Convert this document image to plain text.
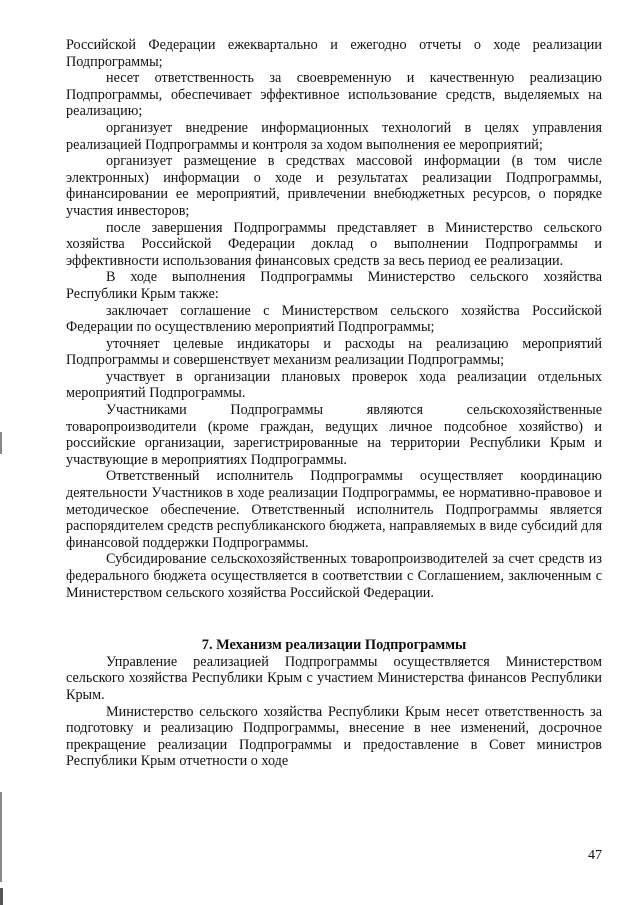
Российской Федерации ежеквартально и ежегодно отчеты о ходе реализации Подпрограммы;

несет ответственность за своевременную и качественную реализацию Подпрограммы, обеспечивает эффективное использование средств, выделяемых на реализацию;

организует внедрение информационных технологий в целях управления реализацией Подпрограммы и контроля за ходом выполнения ее мероприятий;

организует размещение в средствах массовой информации (в том числе электронных) информации о ходе и результатах реализации Подпрограммы, финансировании ее мероприятий, привлечении внебюджетных ресурсов, о порядке участия инвесторов;

после завершения Подпрограммы представляет в Министерство сельского хозяйства Российской Федерации доклад о выполнении Подпрограммы и эффективности использования финансовых средств за весь период ее реализации.

В ходе выполнения Подпрограммы Министерство сельского хозяйства Республики Крым также:

заключает соглашение с Министерством сельского хозяйства Российской Федерации по осуществлению мероприятий Подпрограммы;

уточняет целевые индикаторы и расходы на реализацию мероприятий Подпрограммы и совершенствует механизм реализации Подпрограммы;

участвует в организации плановых проверок хода реализации отдельных мероприятий Подпрограммы.

Участниками Подпрограммы являются сельскохозяйственные товаропроизводители (кроме граждан, ведущих личное подсобное хозяйство) и российские организации, зарегистрированные на территории Республики Крым и участвующие в мероприятиях Подпрограммы.

Ответственный исполнитель Подпрограммы осуществляет координацию деятельности Участников в ходе реализации Подпрограммы, ее нормативно-правовое и методическое обеспечение. Ответственный исполнитель Подпрограммы является распорядителем средств республиканского бюджета, направляемых в виде субсидий для финансовой поддержки Подпрограммы.

Субсидирование сельскохозяйственных товаропроизводителей за счет средств из федерального бюджета осуществляется в соответствии с Соглашением, заключенным с Министерством сельского хозяйства Российской Федерации.

7. Механизм реализации Подпрограммы

Управление реализацией Подпрограммы осуществляется Министерством сельского хозяйства Республики Крым с участием Министерства финансов Республики Крым.

Министерство сельского хозяйства Республики Крым несет ответственность за подготовку и реализацию Подпрограммы, внесение в нее изменений, досрочное прекращение реализации Подпрограммы и предоставление в Совет министров Республики Крым отчетности о ходе

47
